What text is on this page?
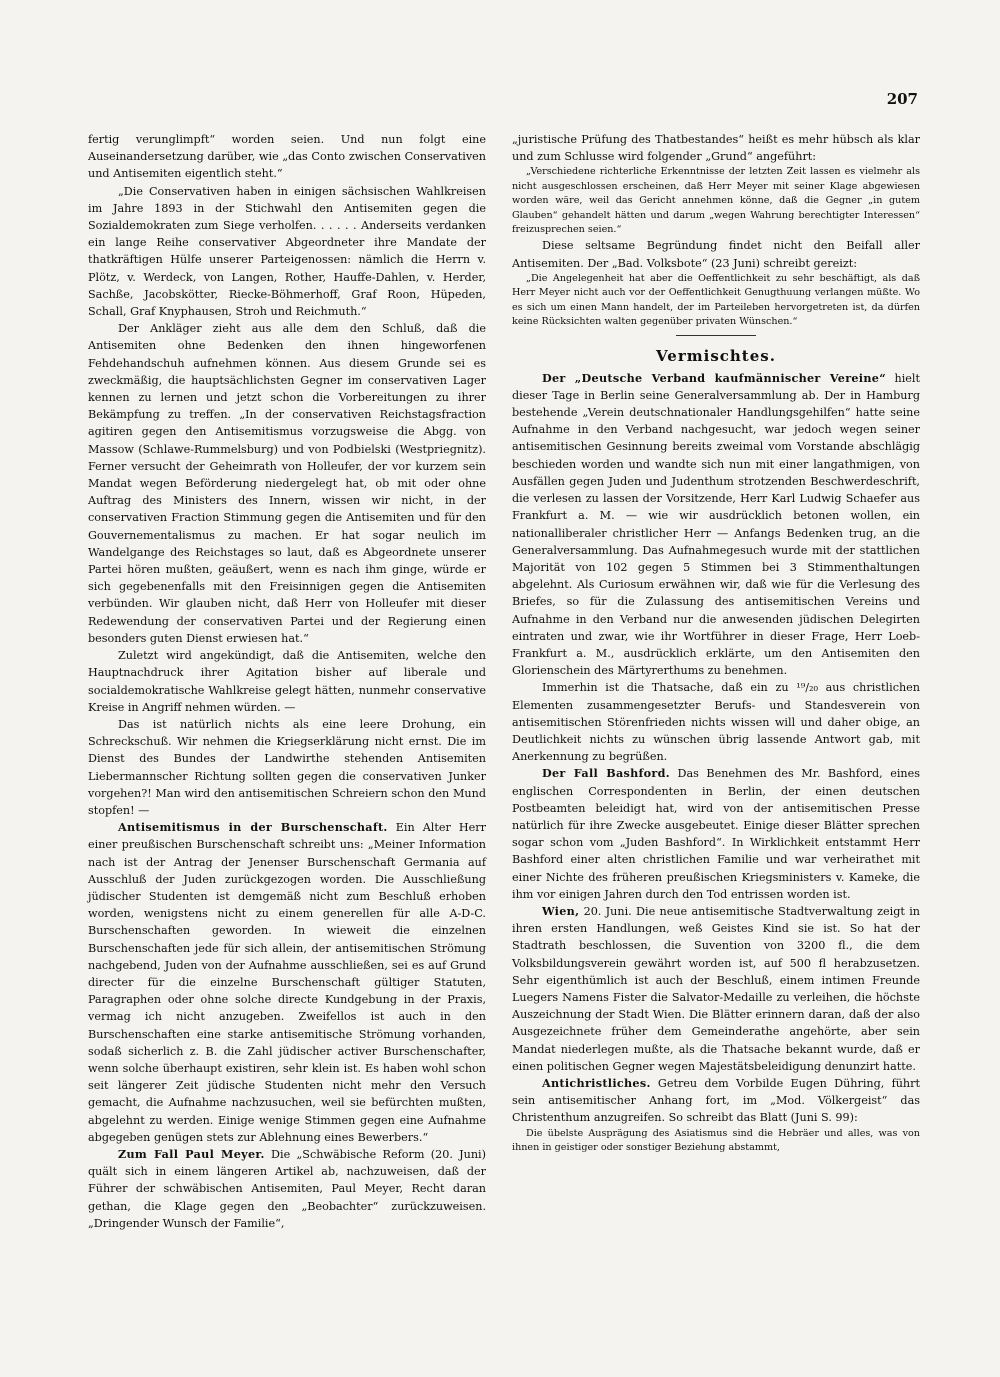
207

fertig verunglimpft“ worden seien. Und nun folgt eine Auseinandersetzung darüber, wie „das Conto zwischen Conservativen und Antisemiten eigentlich steht.“

„Die Conservativen haben in einigen sächsischen Wahlkreisen im Jahre 1893 in der Stichwahl den Antisemiten gegen die Sozialdemokraten zum Siege verholfen. . . . . . Anderseits verdanken ein lange Reihe conservativer Abgeordneter ihre Mandate der thatkräftigen Hülfe unserer Parteigenossen: nämlich die Herrn v. Plötz, v. Werdeck, von Langen, Rother, Hauffe-Dahlen, v. Herder, Sachße, Jacobskötter, Riecke-Böhmerhoff, Graf Roon, Hüpeden, Schall, Graf Knyphausen, Stroh und Reichmuth.“

Der Ankläger zieht aus alle dem den Schluß, daß die Antisemiten ohne Bedenken den ihnen hingeworfenen Fehdehandschuh aufnehmen können. Aus diesem Grunde sei es zweckmäßig, die hauptsächlichsten Gegner im conservativen Lager kennen zu lernen und jetzt schon die Vorbereitungen zu ihrer Bekämpfung zu treffen. „In der conservativen Reichstagsfraction agitiren gegen den Antisemitismus vorzugsweise die Abgg. von Massow (Schlawe-Rummelsburg) und von Podbielski (Westpriegnitz). Ferner versucht der Geheimrath von Holleufer, der vor kurzem sein Mandat wegen Beförderung niedergelegt hat, ob mit oder ohne Auftrag des Ministers des Innern, wissen wir nicht, in der conservativen Fraction Stimmung gegen die Antisemiten und für den Gouvernementalismus zu machen. Er hat sogar neulich im Wandelgange des Reichstages so laut, daß es Abgeordnete unserer Partei hören mußten, geäußert, wenn es nach ihm ginge, würde er sich gegebenenfalls mit den Freisinnigen gegen die Antisemiten verbünden. Wir glauben nicht, daß Herr von Holleufer mit dieser Redewendung der conservativen Partei und der Regierung einen besonders guten Dienst erwiesen hat.“

Zuletzt wird angekündigt, daß die Antisemiten, welche den Hauptnachdruck ihrer Agitation bisher auf liberale und socialdemokratische Wahlkreise gelegt hätten, nunmehr conservative Kreise in Angriff nehmen würden. —

Das ist natürlich nichts als eine leere Drohung, ein Schreckschuß. Wir nehmen die Kriegserklärung nicht ernst. Die im Dienst des Bundes der Landwirthe stehenden Antisemiten Liebermannscher Richtung sollten gegen die conservativen Junker vorgehen?! Man wird den antisemitischen Schreiern schon den Mund stopfen! —

Antisemitismus in der Burschenschaft. Ein Alter Herr einer preußischen Burschenschaft schreibt uns: „Meiner Information nach ist der Antrag der Jenenser Burschenschaft Germania auf Ausschluß der Juden zurückgezogen worden. Die Ausschließung jüdischer Studenten ist demgemäß nicht zum Beschluß erhoben worden, wenigstens nicht zu einem generellen für alle A-D-C. Burschenschaften geworden. In wieweit die einzelnen Burschenschaften jede für sich allein, der antisemitischen Strömung nachgebend, Juden von der Aufnahme ausschließen, sei es auf Grund directer für die einzelne Burschenschaft gültiger Statuten, Paragraphen oder ohne solche directe Kundgebung in der Praxis, vermag ich nicht anzugeben. Zweifellos ist auch in den Burschenschaften eine starke antisemitische Strömung vorhanden, sodaß sicherlich z. B. die Zahl jüdischer activer Burschenschafter, wenn solche überhaupt existiren, sehr klein ist. Es haben wohl schon seit längerer Zeit jüdische Studenten nicht mehr den Versuch gemacht, die Aufnahme nachzusuchen, weil sie befürchten mußten, abgelehnt zu werden. Einige wenige Stimmen gegen eine Aufnahme abgegeben genügen stets zur Ablehnung eines Bewerbers.“

Zum Fall Paul Meyer. Die „Schwäbische Reform (20. Juni) quält sich in einem längeren Artikel ab, nachzuweisen, daß der Führer der schwäbischen Antisemiten, Paul Meyer, Recht daran gethan, die Klage gegen den „Beobachter“ zurückzuweisen. „Dringender Wunsch der Familie“,

„juristische Prüfung des Thatbestandes“ heißt es mehr hübsch als klar und zum Schlusse wird folgender „Grund“ angeführt:

„Verschiedene richterliche Erkenntnisse der letzten Zeit lassen es vielmehr als nicht ausgeschlossen erscheinen, daß Herr Meyer mit seiner Klage abgewiesen worden wäre, weil das Gericht annehmen könne, daß die Gegner „in gutem Glauben“ gehandelt hätten und darum „wegen Wahrung berechtigter Interessen“ freizusprechen seien.“

Diese seltsame Begründung findet nicht den Beifall aller Antisemiten. Der „Bad. Volksbote“ (23 Juni) schreibt gereizt:

„Die Angelegenheit hat aber die Oeffentlichkeit zu sehr beschäftigt, als daß Herr Meyer nicht auch vor der Oeffentlichkeit Genugthuung verlangen müßte. Wo es sich um einen Mann handelt, der im Parteileben hervorgetreten ist, da dürfen keine Rücksichten walten gegenüber privaten Wünschen.“

Vermischtes.

Der „Deutsche Verband kaufmännischer Vereine“ hielt dieser Tage in Berlin seine Generalversammlung ab. Der in Hamburg bestehende „Verein deutschnationaler Handlungsgehilfen“ hatte seine Aufnahme in den Verband nachgesucht, war jedoch wegen seiner antisemitischen Gesinnung bereits zweimal vom Vorstande abschlägig beschieden worden und wandte sich nun mit einer langathmigen, von Ausfällen gegen Juden und Judenthum strotzenden Beschwerdeschrift, die verlesen zu lassen der Vorsitzende, Herr Karl Ludwig Schaefer aus Frankfurt a. M. — wie wir ausdrücklich betonen wollen, ein nationalliberaler christlicher Herr — Anfangs Bedenken trug, an die Generalversammlung. Das Aufnahmegesuch wurde mit der stattlichen Majorität von 102 gegen 5 Stimmen bei 3 Stimmenthaltungen abgelehnt. Als Curiosum erwähnen wir, daß wie für die Verlesung des Briefes, so für die Zulassung des antisemitischen Vereins und Aufnahme in den Verband nur die anwesenden jüdischen Delegirten eintraten und zwar, wie ihr Wortführer in dieser Frage, Herr Loeb-Frankfurt a. M., ausdrücklich erklärte, um den Antisemiten den Glorienschein des Märtyrerthums zu benehmen.

Immerhin ist die Thatsache, daß ein zu ¹⁹/₂₀ aus christlichen Elementen zusammengesetzter Berufs- und Standesverein von antisemitischen Störenfrieden nichts wissen will und daher obige, an Deutlichkeit nichts zu wünschen übrig lassende Antwort gab, mit Anerkennung zu begrüßen.

Der Fall Bashford. Das Benehmen des Mr. Bashford, eines englischen Correspondenten in Berlin, der einen deutschen Postbeamten beleidigt hat, wird von der antisemitischen Presse natürlich für ihre Zwecke ausgebeutet. Einige dieser Blätter sprechen sogar schon vom „Juden Bashford“. In Wirklichkeit entstammt Herr Bashford einer alten christlichen Familie und war verheirathet mit einer Nichte des früheren preußischen Kriegsministers v. Kameke, die ihm vor einigen Jahren durch den Tod entrissen worden ist.

Wien, 20. Juni. Die neue antisemitische Stadtverwaltung zeigt in ihren ersten Handlungen, weß Geistes Kind sie ist. So hat der Stadtrath beschlossen, die Suvention von 3200 fl., die dem Volksbildungsverein gewährt worden ist, auf 500 fl herabzusetzen. Sehr eigenthümlich ist auch der Beschluß, einem intimen Freunde Luegers Namens Fister die Salvator-Medaille zu verleihen, die höchste Auszeichnung der Stadt Wien. Die Blätter erinnern daran, daß der also Ausgezeichnete früher dem Gemeinderathe angehörte, aber sein Mandat niederlegen mußte, als die Thatsache bekannt wurde, daß er einen politischen Gegner wegen Majestätsbeleidigung denunzirt hatte.

Antichristliches. Getreu dem Vorbilde Eugen Dühring, führt sein antisemitischer Anhang fort, im „Mod. Völkergeist“ das Christenthum anzugreifen. So schreibt das Blatt (Juni S. 99):

Die übelste Ausprägung des Asiatismus sind die Hebräer und alles, was von ihnen in geistiger oder sonstiger Beziehung abstammt,
